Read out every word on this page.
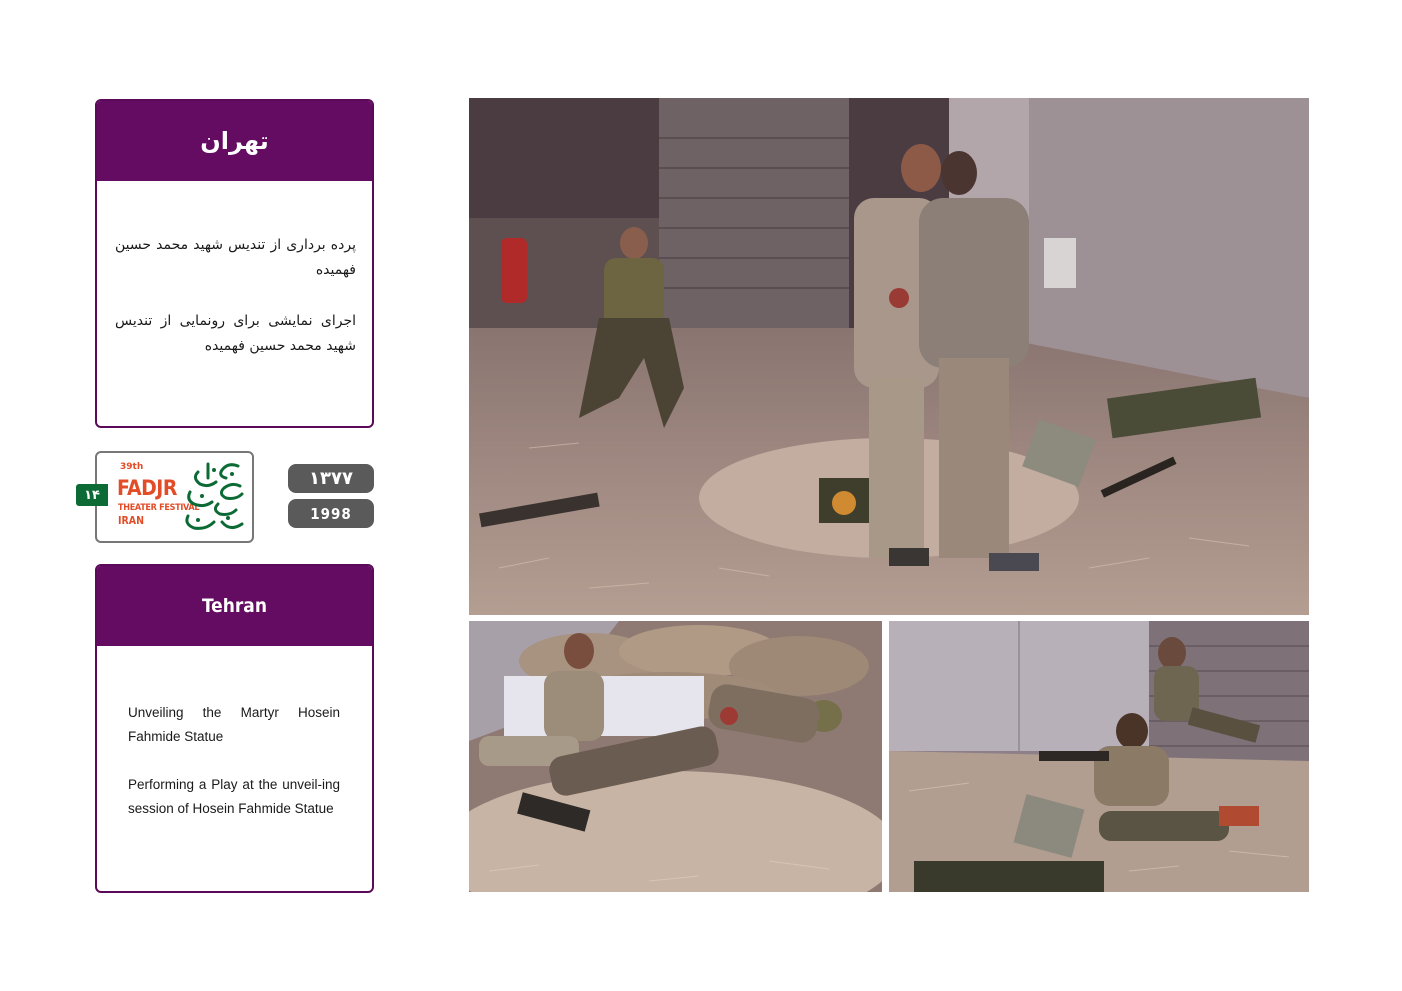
تهران

پرده برداری از تندیس شهید محمد حسین فهمیده

اجرای نمایشی برای رونمایی از تندیس شهید محمد حسین فهمیده

۱۴
39th
FADJR
THEATER FESTIVAL
IRAN
۱۳۷۷
1998
Tehran

Unveiling the Martyr Hosein Fahmide Statue

Performing a Play at the unveil-ing session of Hosein Fahmide Statue
